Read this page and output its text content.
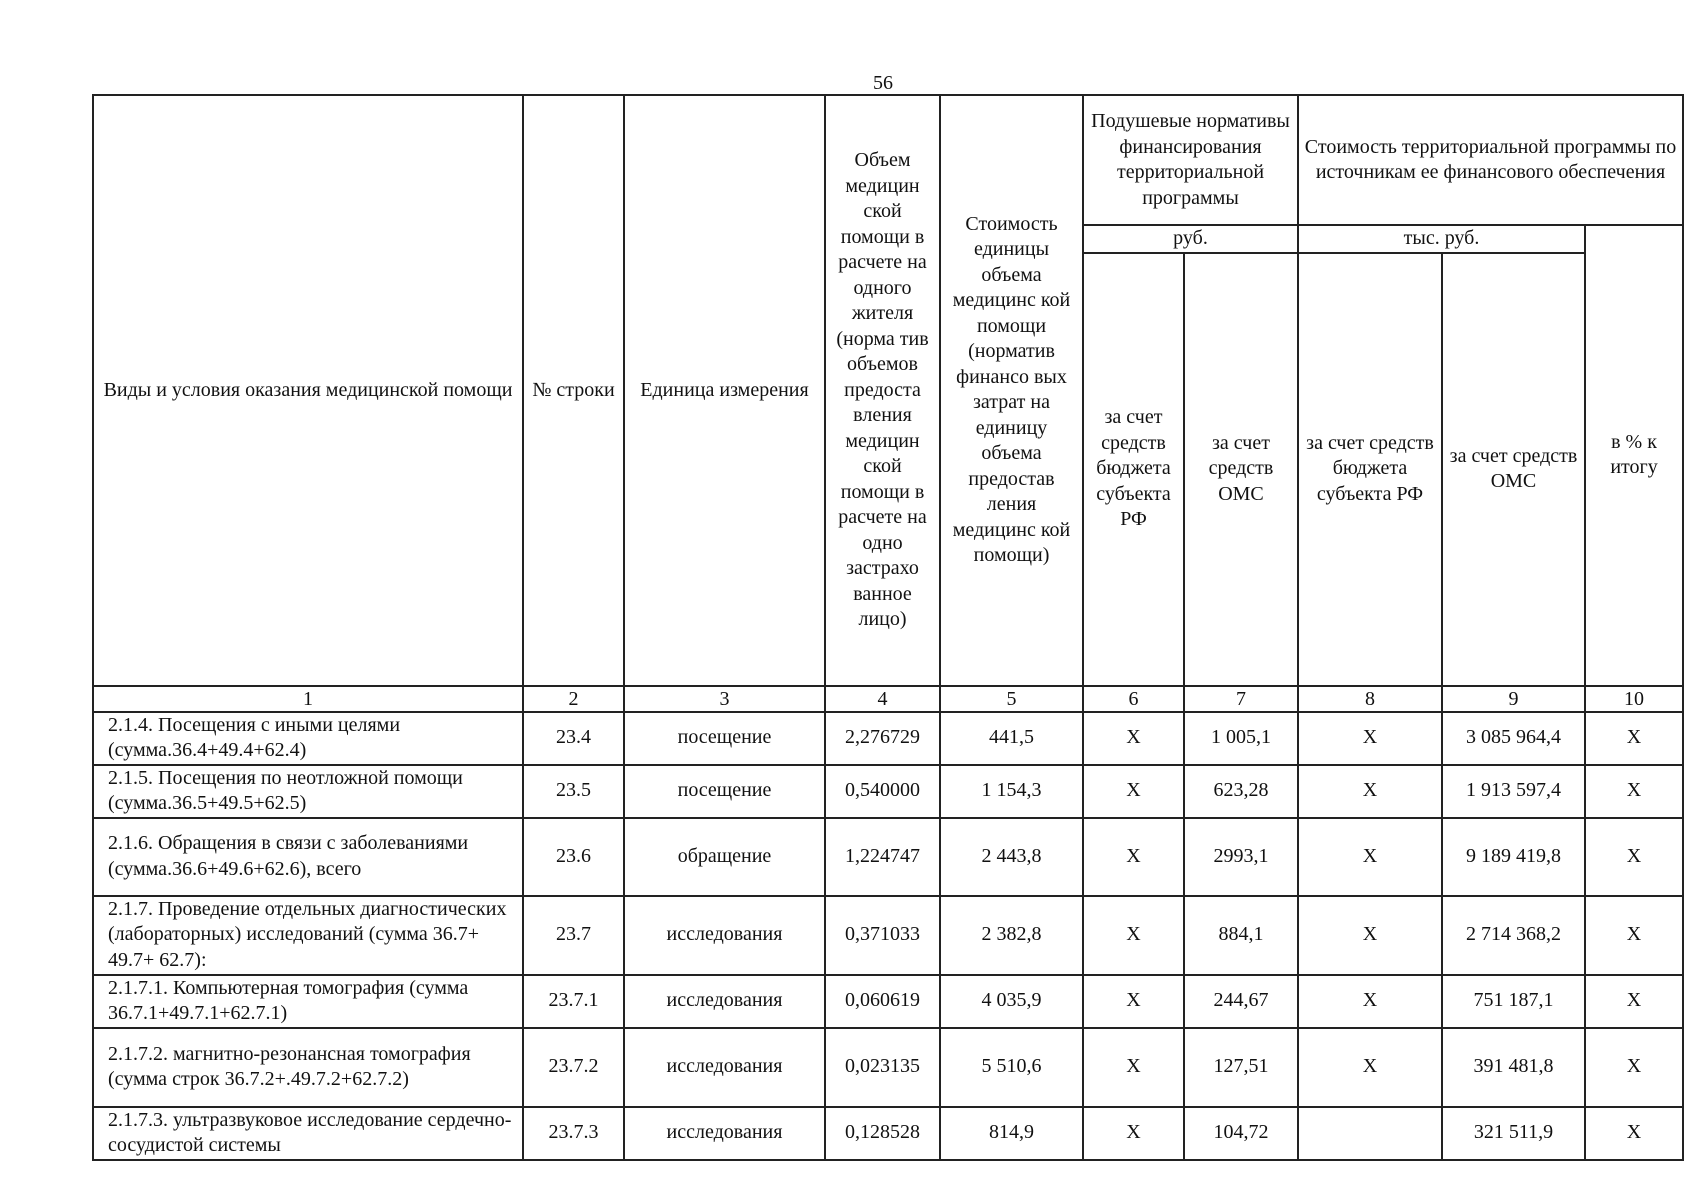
56
Виды и условия оказания медицинской помощи	№ строки	Единица измерения	Объем медицин ской помощи в расчете на одного жителя (норма тив объемов предоста вления медицин ской помощи в расчете на одно застрахо ванное лицо)	Стоимость единицы объема медицинс кой помощи (норматив финансо вых затрат на единицу объема предостав ления медицинс кой помощи)	Подушевые нормативы финансирования территориальной программы		Стоимость территориальной программы по источникам ее финансового обеспечения		
					руб.		тыс. руб.		в % к итогу
					за счет средств бюджета субъекта РФ	за счет средств ОМС	за счет средств бюджета субъекта РФ	за счет средств ОМС	
1	2	3	4	5	6	7	8	9	10
2.1.4. Посещения с иными целями (сумма.36.4+49.4+62.4)	23.4	посещение	2,276729	441,5	Х	1 005,1	Х	3 085 964,4	Х
2.1.5. Посещения по неотложной помощи (сумма.36.5+49.5+62.5)	23.5	посещение	0,540000	1 154,3	Х	623,28	Х	1 913 597,4	Х
2.1.6. Обращения в связи с заболеваниями (сумма.36.6+49.6+62.6), всего	23.6	обращение	1,224747	2 443,8	Х	2993,1	Х	9 189 419,8	Х
2.1.7. Проведение отдельных диагностических (лабораторных) исследований (сумма 36.7+ 49.7+ 62.7):	23.7	исследования	0,371033	2 382,8	Х	884,1	Х	2 714 368,2	Х
2.1.7.1. Компьютерная томография (сумма 36.7.1+49.7.1+62.7.1)	23.7.1	исследования	0,060619	4 035,9	Х	244,67	Х	751 187,1	Х
2.1.7.2. магнитно-резонансная томография (сумма строк 36.7.2+.49.7.2+62.7.2)	23.7.2	исследования	0,023135	5 510,6	Х	127,51	Х	391 481,8	Х
2.1.7.3. ультразвуковое исследование сердечно-сосудистой системы	23.7.3	исследования	0,128528	814,9	Х	104,72		321 511,9	Х
